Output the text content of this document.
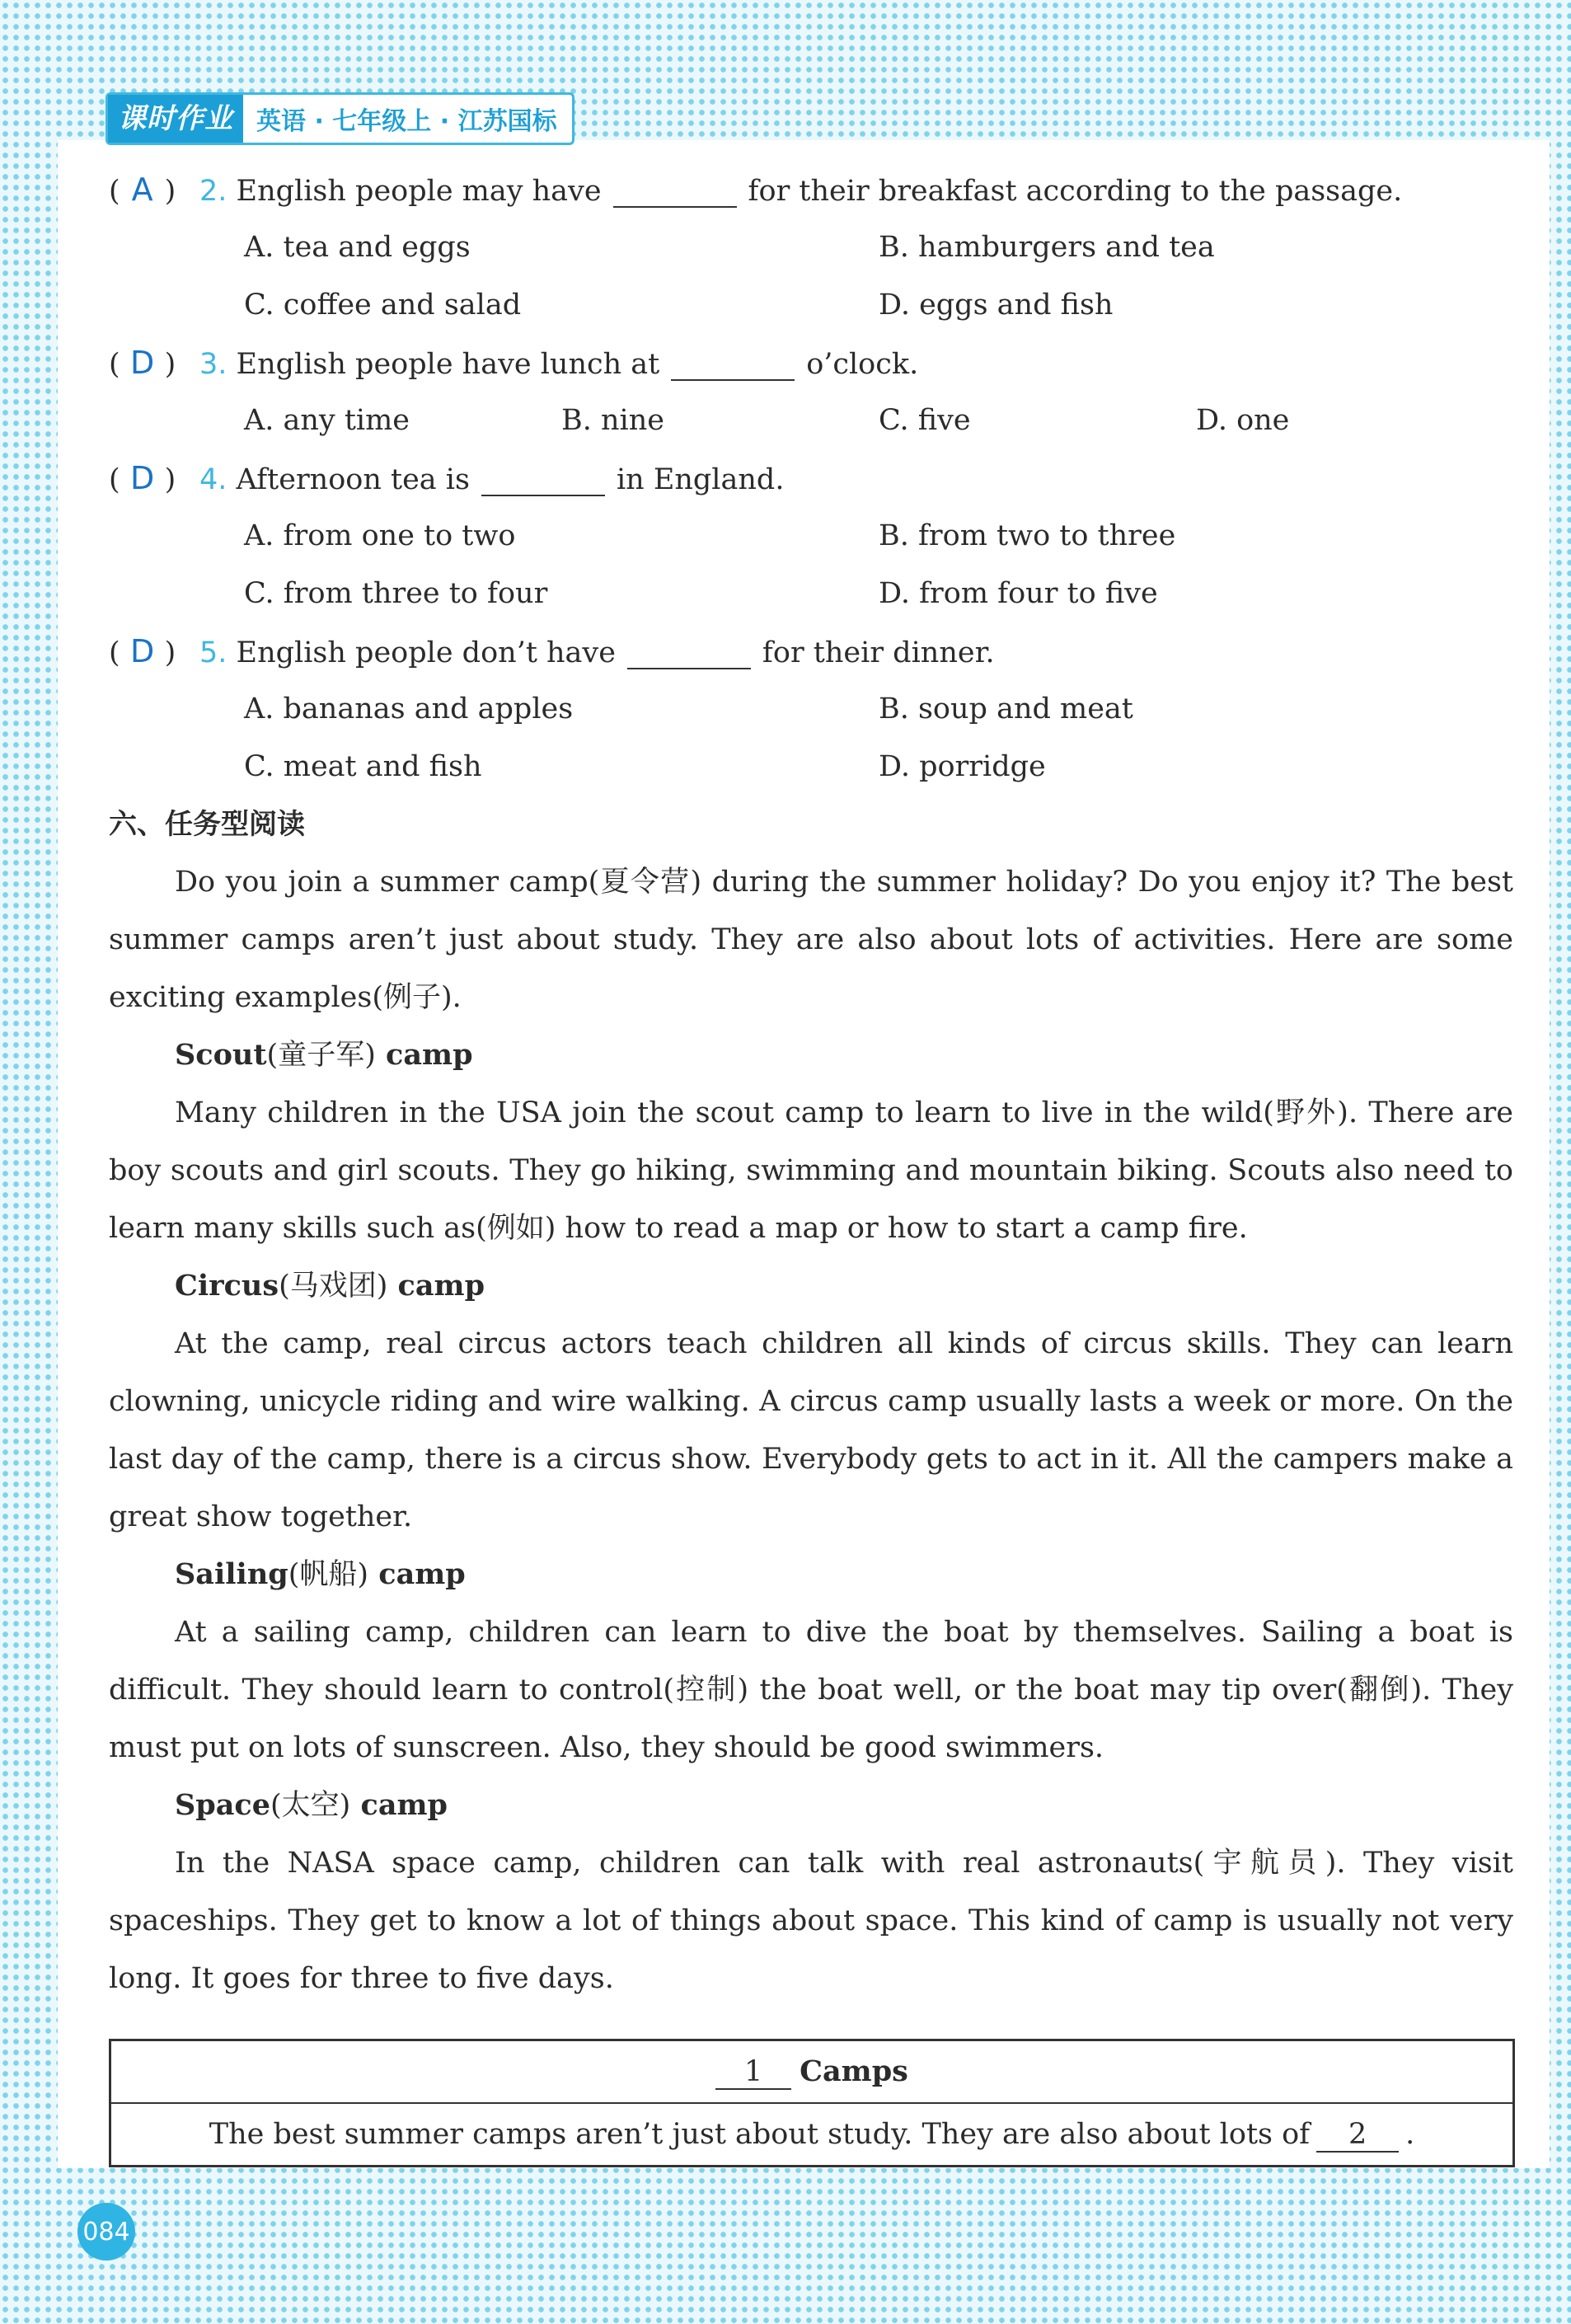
课时作业 英语 · 七年级上 · 江苏国标
( A ) 2. English people may have	for their breakfast according to the passage.
A. tea and eggs	B. hamburgers and tea
C. coffee and salad	D. eggs and fish
( D ) 3. English people have lunch at	o’clock.
A. any time	B. nine	C. five	D. one
( D ) 4. Afternoon tea is	in England.
A. from one to two	B. from two to three
C. from three to four	D. from four to five
( D ) 5. English people don’t have	for their dinner.
A. bananas and apples	B. soup and meat
C. meat and fish	D. porridge
六、任务型阅读

Do you join a summer camp(夏令营) during the summer holiday? Do you enjoy it? The best summer camps aren’t just about study. They are also about lots of activities. Here are some exciting examples(例子).

Scout(童子军) camp

Many children in the USA join the scout camp to learn to live in the wild(野外). There are boy scouts and girl scouts. They go hiking, swimming and mountain biking. Scouts also need to learn many skills such as(例如) how to read a map or how to start a camp fire.

Circus(马戏团) camp

At the camp, real circus actors teach children all kinds of circus skills. They can learn clowning, unicycle riding and wire walking. A circus camp usually lasts a week or more. On the last day of the camp, there is a circus show. Everybody gets to act in it. All the campers make a great show together.

Sailing(帆船) camp

At a sailing camp, children can learn to dive the boat by themselves. Sailing a boat is difficult. They should learn to control(控制) the boat well, or the boat may tip over(翻倒). They must put on lots of sunscreen. Also, they should be good swimmers.

Space(太空) camp

In the NASA space camp, children can talk with real astronauts(宇航员). They visit spaceships. They get to know a lot of things about space. This kind of camp is usually not very long. It goes for three to five days.

1 Camps
The best summer camps aren’t just about study. They are also about lots of 2 .
084
